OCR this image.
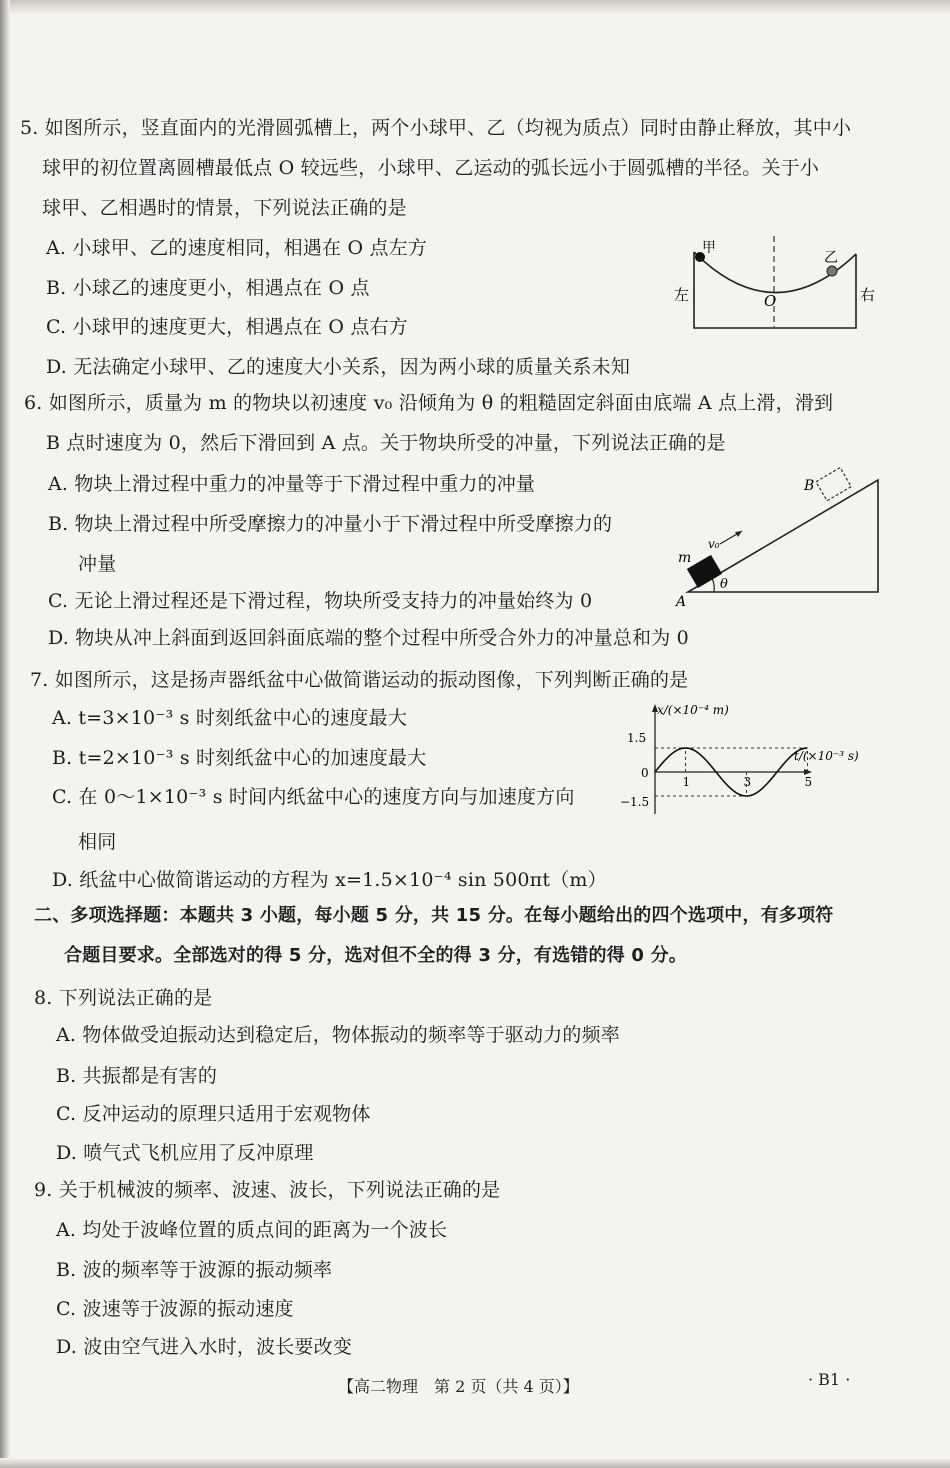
5. 如图所示，竖直面内的光滑圆弧槽上，两个小球甲、乙（均视为质点）同时由静止释放，其中小
球甲的初位置离圆槽最低点 O 较远些，小球甲、乙运动的弧长远小于圆弧槽的半径。关于小
球甲、乙相遇时的情景，下列说法正确的是
A. 小球甲、乙的速度相同，相遇在 O 点左方
B. 小球乙的速度更小，相遇点在 O 点
C. 小球甲的速度更大，相遇点在 O 点右方
D. 无法确定小球甲、乙的速度大小关系，因为两小球的质量关系未知
甲
乙
左	右
O
6. 如图所示，质量为 m 的物块以初速度 v₀ 沿倾角为 θ 的粗糙固定斜面由底端 A 点上滑，滑到
B 点时速度为 0，然后下滑回到 A 点。关于物块所受的冲量，下列说法正确的是
A. 物块上滑过程中重力的冲量等于下滑过程中重力的冲量
B. 物块上滑过程中所受摩擦力的冲量小于下滑过程中所受摩擦力的
冲量
C. 无论上滑过程还是下滑过程，物块所受支持力的冲量始终为 0
D. 物块从冲上斜面到返回斜面底端的整个过程中所受合外力的冲量总和为 0
A
B
m
v₀
θ
7. 如图所示，这是扬声器纸盆中心做简谐运动的振动图像，下列判断正确的是
A. t=3×10⁻³ s 时刻纸盆中心的速度最大
B. t=2×10⁻³ s 时刻纸盆中心的加速度最大
C. 在 0～1×10⁻³ s 时间内纸盆中心的速度方向与加速度方向
相同
D. 纸盆中心做简谐运动的方程为 x=1.5×10⁻⁴ sin 500πt（m）
x/(×10⁻⁴ m)
t/(×10⁻³ s)
1.5
−1.5
0
1	3	5
二、多项选择题：本题共 3 小题，每小题 5 分，共 15 分。在每小题给出的四个选项中，有多项符
合题目要求。全部选对的得 5 分，选对但不全的得 3 分，有选错的得 0 分。
8. 下列说法正确的是
A. 物体做受迫振动达到稳定后，物体振动的频率等于驱动力的频率
B. 共振都是有害的
C. 反冲运动的原理只适用于宏观物体
D. 喷气式飞机应用了反冲原理
9. 关于机械波的频率、波速、波长，下列说法正确的是
A. 均处于波峰位置的质点间的距离为一个波长
B. 波的频率等于波源的振动频率
C. 波速等于波源的振动速度
D. 波由空气进入水时，波长要改变
【高二物理　第 2 页（共 4 页）】	· B1 ·
